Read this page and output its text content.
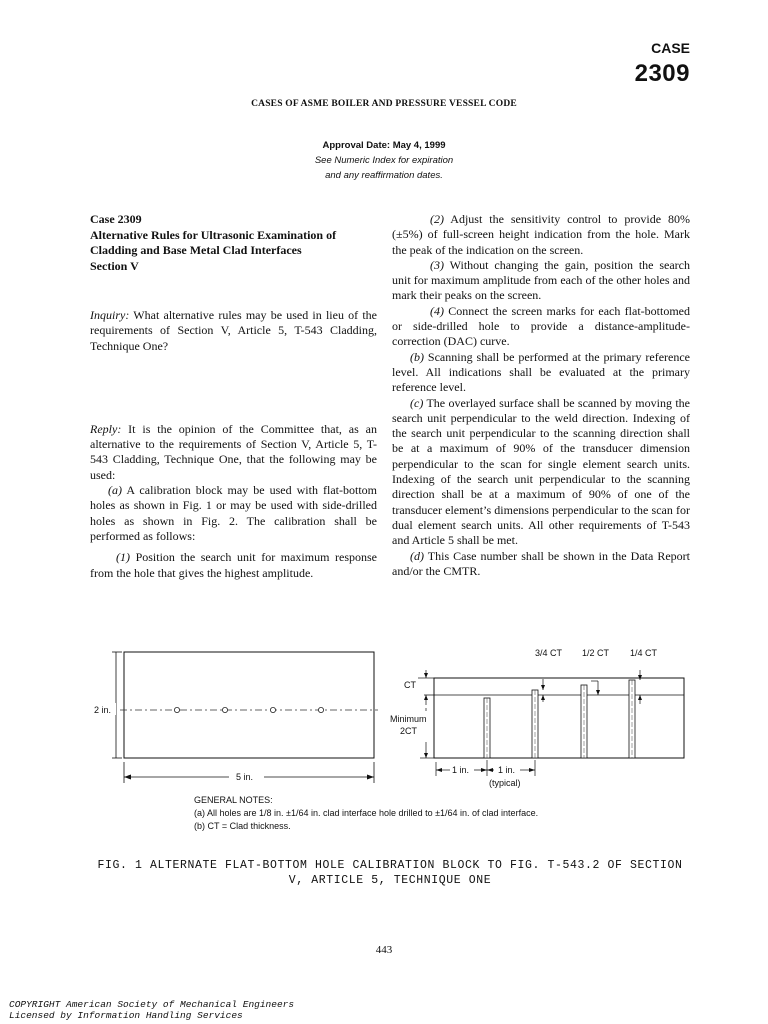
CASE
2309
CASES OF ASME BOILER AND PRESSURE VESSEL CODE
Approval Date: May 4, 1999
See Numeric Index for expiration
and any reaffirmation dates.
Case 2309
Alternative Rules for Ultrasonic Examination of
Cladding and Base Metal Clad Interfaces
Section V

Inquiry: What alternative rules may be used in lieu of the requirements of Section V, Article 5, T-543 Cladding, Technique One?

Reply: It is the opinion of the Committee that, as an alternative to the requirements of Section V, Article 5, T-543 Cladding, Technique One, that the following may be used:

(a) A calibration block may be used with flat-bottom holes as shown in Fig. 1 or may be used with side-drilled holes as shown in Fig. 2. The calibration shall be performed as follows:

(1) Position the search unit for maximum response from the hole that gives the highest amplitude.

(2) Adjust the sensitivity control to provide 80% (±5%) of full-screen height indication from the hole. Mark the peak of the indication on the screen.

(3) Without changing the gain, position the search unit for maximum amplitude from each of the other holes and mark their peaks on the screen.

(4) Connect the screen marks for each flat-bottomed or side-drilled hole to provide a distance-amplitude-correction (DAC) curve.

(b) Scanning shall be performed at the primary reference level. All indications shall be evaluated at the primary reference level.

(c) The overlayed surface shall be scanned by moving the search unit perpendicular to the weld direction. Indexing of the search unit perpendicular to the scanning direction shall be at a maximum of 90% of the transducer dimension perpendicular to the scan for single element search units. Indexing of the search unit perpendicular to the scanning direction shall be at a maximum of 90% of one of the transducer element’s dimensions perpendicular to the scan for dual element search units. All other requirements of T-543 and Article 5 shall be met.

(d) This Case number shall be shown in the Data Report and/or the CMTR.

2 in.
5 in.
3/4 CT 1/2 CT 1/4 CT
CT
Minimum
2CT
1 in.	1 in.
(typical)
GENERAL NOTES:
(a) All holes are 1/8 in. ±1/64 in. clad interface hole drilled to ±1/64 in. of clad interface.
(b) CT = Clad thickness.
FIG. 1 ALTERNATE FLAT-BOTTOM HOLE CALIBRATION BLOCK TO FIG. T-543.2 OF SECTION V, ARTICLE 5, TECHNIQUE ONE
443
COPYRIGHT American Society of Mechanical Engineers
Licensed by Information Handling Services
